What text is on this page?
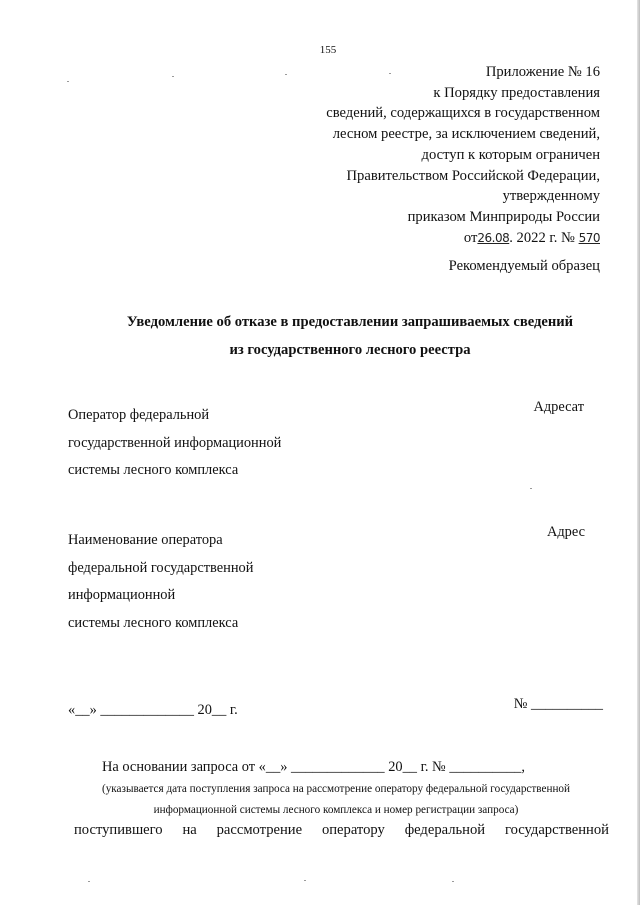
155
Приложение № 16
к Порядку предоставления
сведений, содержащихся в государственном
лесном реестре, за исключением сведений,
доступ к которым ограничен
Правительством Российской Федерации,
утвержденному
приказом Минприроды России
от26.08. 2022 г. № 570
Рекомендуемый образец
Уведомление об отказе в предоставлении запрашиваемых сведений
из государственного лесного реестра
Оператор федеральной
государственной информационной
системы лесного комплекса
Адресат
Наименование оператора
федеральной государственной
информационной
системы лесного комплекса
Адрес
«__» _____________ 20__ г.	№ __________
На основании запроса от «__» _____________ 20__ г. № __________,
(указывается дата поступления запроса на рассмотрение оператору федеральной государственной
информационной системы лесного комплекса и номер регистрации запроса)
поступившего на рассмотрение оператору федеральной государственной
